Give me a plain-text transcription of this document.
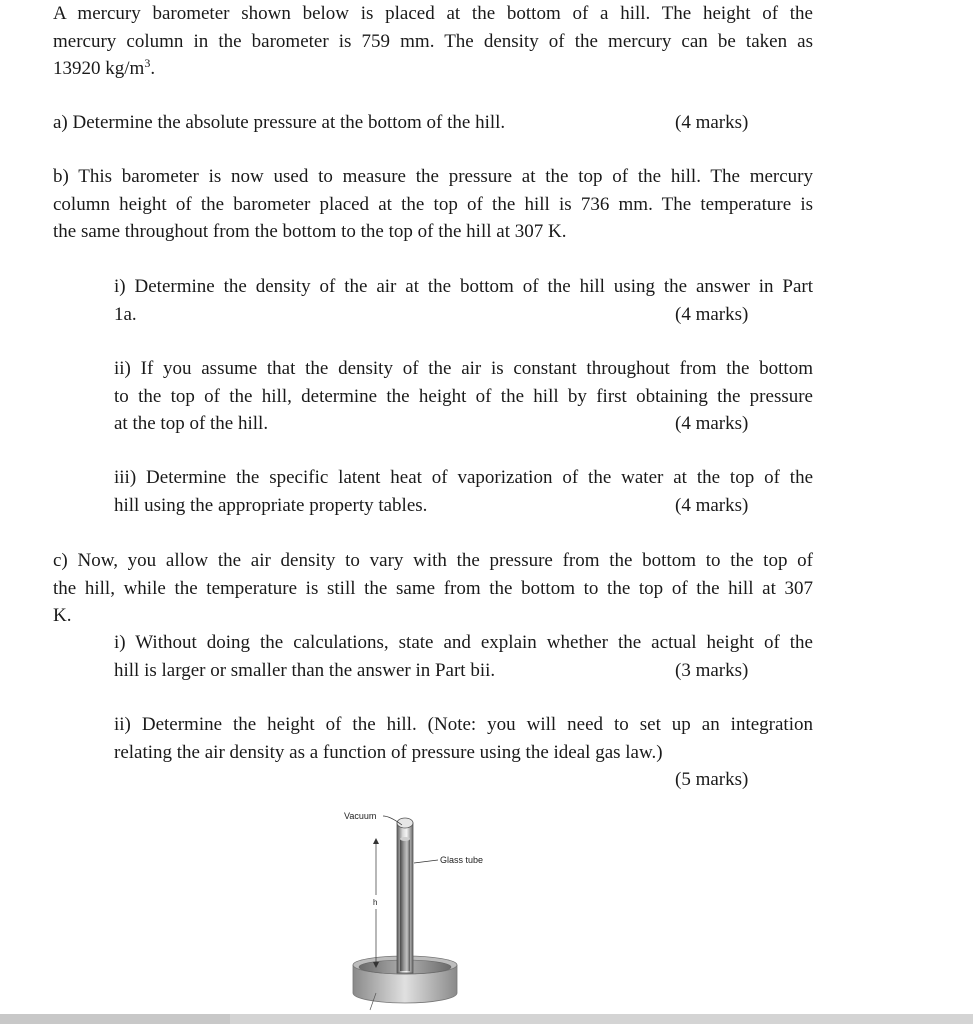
A mercury barometer shown below is placed at the bottom of a hill. The height of the
mercury column in the barometer is 759 mm. The density of the mercury can be taken as
13920 $kg/m^3$.
a) Determine the absolute pressure at the bottom of the hill.	(4 marks)
b) This barometer is now used to measure the pressure at the top of the hill. The mercury
column height of the barometer placed at the top of the hill is 736 mm. The temperature is
the same throughout from the bottom to the top of the hill at 307 K.
i) Determine the density of the air at the bottom of the hill using the answer in Part
1a.	(4 marks)
ii) If you assume that the density of the air is constant throughout from the bottom
to the top of the hill, determine the height of the hill by first obtaining the pressure
at the top of the hill.	(4 marks)
iii) Determine the specific latent heat of vaporization of the water at the top of the
hill using the appropriate property tables.	(4 marks)
c) Now, you allow the air density to vary with the pressure from the bottom to the top of
the hill, while the temperature is still the same from the bottom to the top of the hill at 307
K.
i) Without doing the calculations, state and explain whether the actual height of the
hill is larger or smaller than the answer in Part bii.	(3 marks)
ii) Determine the height of the hill. (Note: you will need to set up an integration
relating the air density as a function of pressure using the ideal gas law.)
(5 marks)
Vacuum
Glass tube
h
